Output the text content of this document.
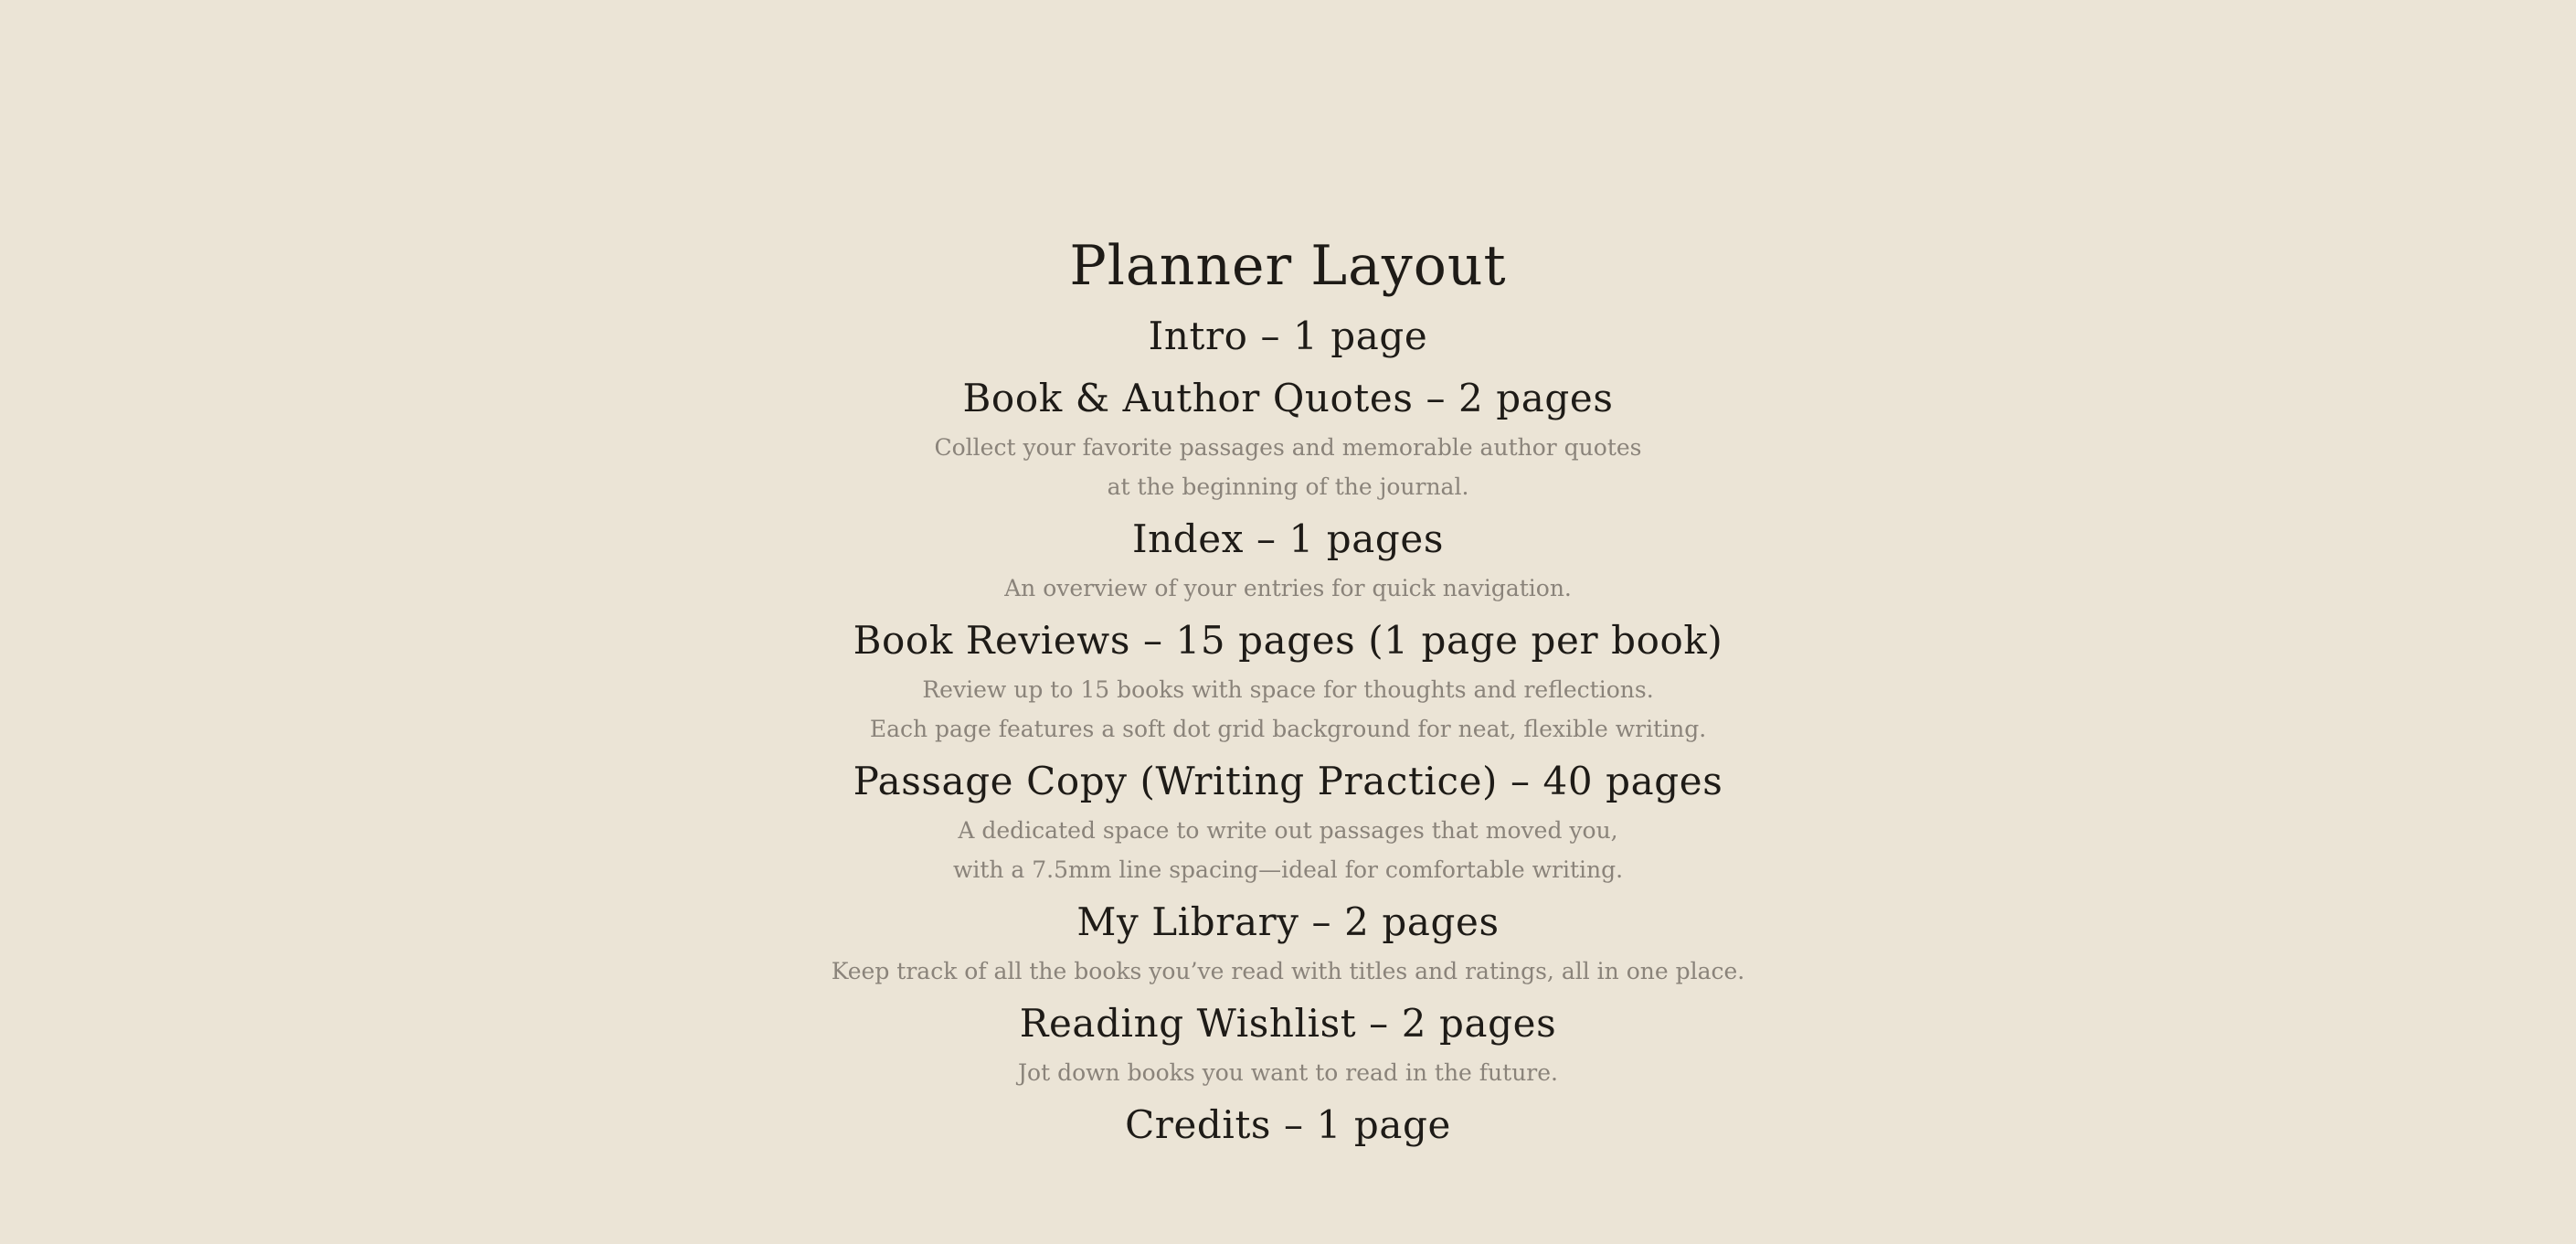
Planner Layout
Intro – 1 page
Book & Author Quotes – 2 pages

Collect your favorite passages and memorable author quotes

at the beginning of the journal.

Index – 1 pages

An overview of your entries for quick navigation.

Book Reviews – 15 pages (1 page per book)

Review up to 15 books with space for thoughts and reflections.

Each page features a soft dot grid background for neat, flexible writing.

Passage Copy (Writing Practice) – 40 pages

A dedicated space to write out passages that moved you,

with a 7.5mm line spacing—ideal for comfortable writing.

My Library – 2 pages

Keep track of all the books you’ve read with titles and ratings, all in one place.

Reading Wishlist – 2 pages

Jot down books you want to read in the future.

Credits – 1 page
